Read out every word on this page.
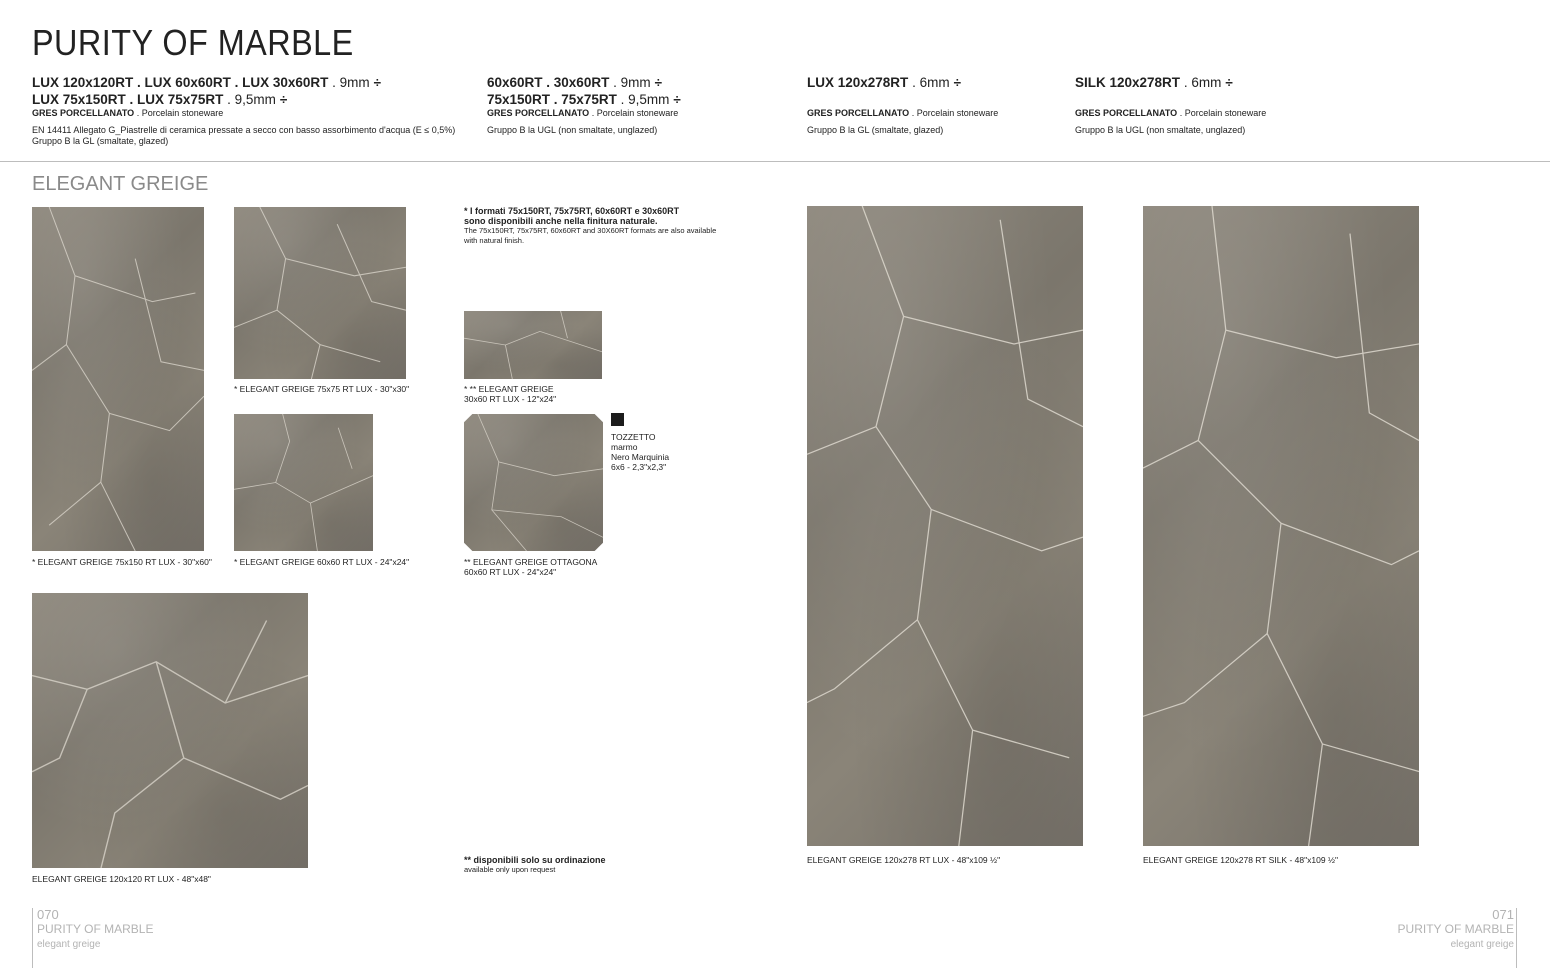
PURITY OF MARBLE
LUX 120x120RT . LUX 60x60RT . LUX 30x60RT . 9mm ÷
LUX 75x150RT . LUX 75x75RT . 9,5mm ÷
GRES PORCELLANATO . Porcelain stoneware
EN 14411 Allegato G_Piastrelle di ceramica pressate a secco con basso assorbimento d'acqua (E ≤ 0,5%)
Gruppo B la GL (smaltate, glazed)
60x60RT . 30x60RT . 9mm ÷
75x150RT . 75x75RT . 9,5mm ÷
GRES PORCELLANATO . Porcelain stoneware
Gruppo B la UGL (non smaltate, unglazed)
LUX 120x278RT . 6mm ÷
GRES PORCELLANATO . Porcelain stoneware
Gruppo B la GL (smaltate, glazed)
SILK 120x278RT . 6mm ÷
GRES PORCELLANATO . Porcelain stoneware
Gruppo B la UGL (non smaltate, unglazed)
ELEGANT GREIGE
* ELEGANT GREIGE 75x150 RT LUX - 30"x60"
* ELEGANT GREIGE 75x75 RT LUX - 30"x30"
* ELEGANT GREIGE 60x60 RT LUX - 24"x24"
* I formati 75x150RT, 75x75RT, 60x60RT e 30x60RT
sono disponibili anche nella finitura naturale.
The 75x150RT, 75x75RT, 60x60RT and 30X60RT formats are also available
with natural finish.
* ** ELEGANT GREIGE
30x60 RT LUX - 12"x24"
** ELEGANT GREIGE OTTAGONA
60x60 RT LUX - 24"x24"
TOZZETTO
marmo
Nero Marquinia
6x6 - 2,3"x2,3"
ELEGANT GREIGE 120x120 RT LUX - 48"x48"
** disponibili solo su ordinazione
available only upon request
ELEGANT GREIGE 120x278 RT LUX - 48"x109 ½"	ELEGANT GREIGE 120x278 RT SILK - 48"x109 ½"
070
PURITY OF MARBLE
elegant greige
071
PURITY OF MARBLE
elegant greige
